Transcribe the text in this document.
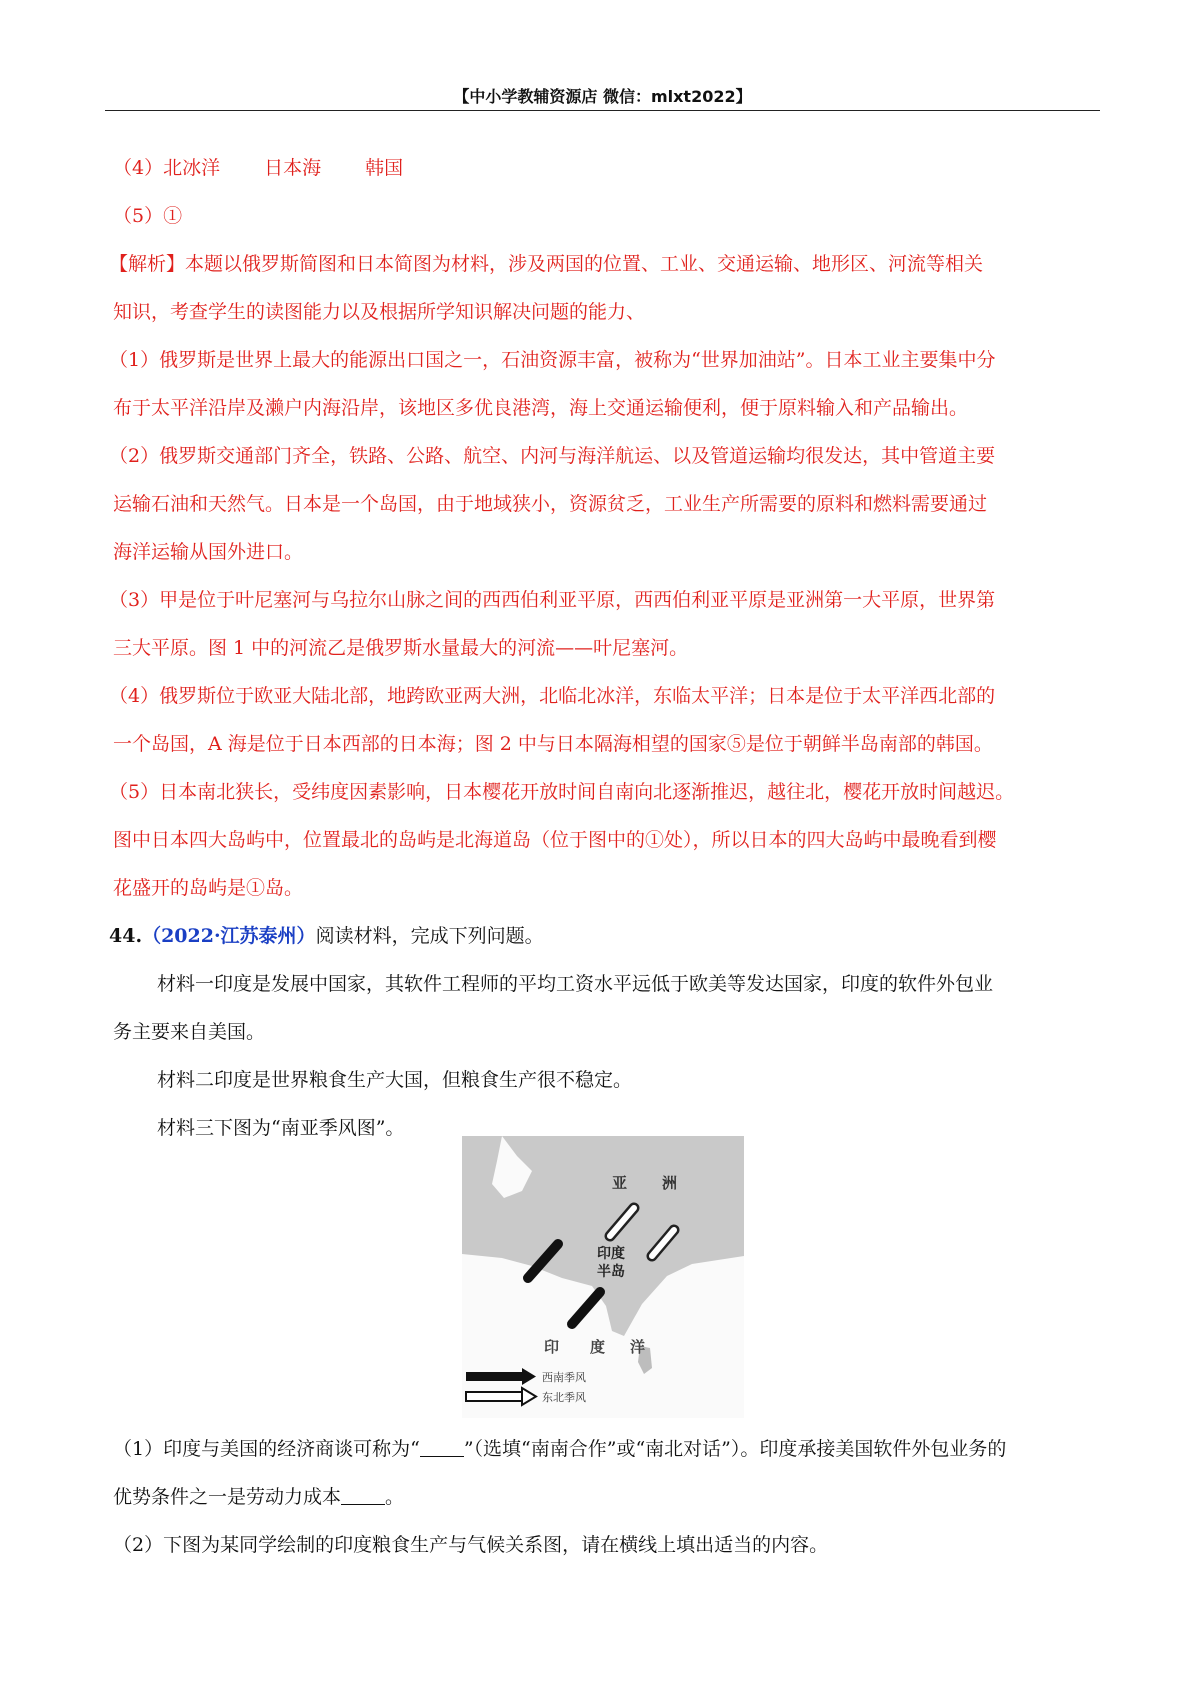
【中小学教辅资源店 微信：mlxt2022】
（4）北冰洋 日本海 韩国
（5）①
【解析】本题以俄罗斯简图和日本简图为材料，涉及两国的位置、工业、交通运输、地形区、河流等相关
知识，考查学生的读图能力以及根据所学知识解决问题的能力、
（1）俄罗斯是世界上最大的能源出口国之一，石油资源丰富，被称为“世界加油站”。日本工业主要集中分
布于太平洋沿岸及濑户内海沿岸，该地区多优良港湾，海上交通运输便利，便于原料输入和产品输出。
（2）俄罗斯交通部门齐全，铁路、公路、航空、内河与海洋航运、以及管道运输均很发达，其中管道主要
运输石油和天然气。日本是一个岛国，由于地域狭小，资源贫乏，工业生产所需要的原料和燃料需要通过
海洋运输从国外进口。
（3）甲是位于叶尼塞河与乌拉尔山脉之间的西西伯利亚平原，西西伯利亚平原是亚洲第一大平原，世界第
三大平原。图 1 中的河流乙是俄罗斯水量最大的河流——叶尼塞河。
（4）俄罗斯位于欧亚大陆北部，地跨欧亚两大洲，北临北冰洋，东临太平洋；日本是位于太平洋西北部的
一个岛国，A 海是位于日本西部的日本海；图 2 中与日本隔海相望的国家⑤是位于朝鲜半岛南部的韩国。
（5）日本南北狭长，受纬度因素影响，日本樱花开放时间自南向北逐渐推迟，越往北，樱花开放时间越迟。
图中日本四大岛屿中，位置最北的岛屿是北海道岛（位于图中的①处），所以日本的四大岛屿中最晚看到樱
花盛开的岛屿是①岛。
44.（2022·江苏泰州）阅读材料，完成下列问题。
材料一印度是发展中国家，其软件工程师的平均工资水平远低于欧美等发达国家，印度的软件外包业
务主要来自美国。
材料二印度是世界粮食生产大国，但粮食生产很不稳定。
材料三下图为“南亚季风图”。
亚 洲
印度
半岛
印 度 洋
西南季风
东北季风
（1）印度与美国的经济商谈可称为“ ”（选填“南南合作”或“南北对话”）。印度承接美国软件外包业务的
优势条件之一是劳动力成本 。
（2）下图为某同学绘制的印度粮食生产与气候关系图，请在横线上填出适当的内容。
